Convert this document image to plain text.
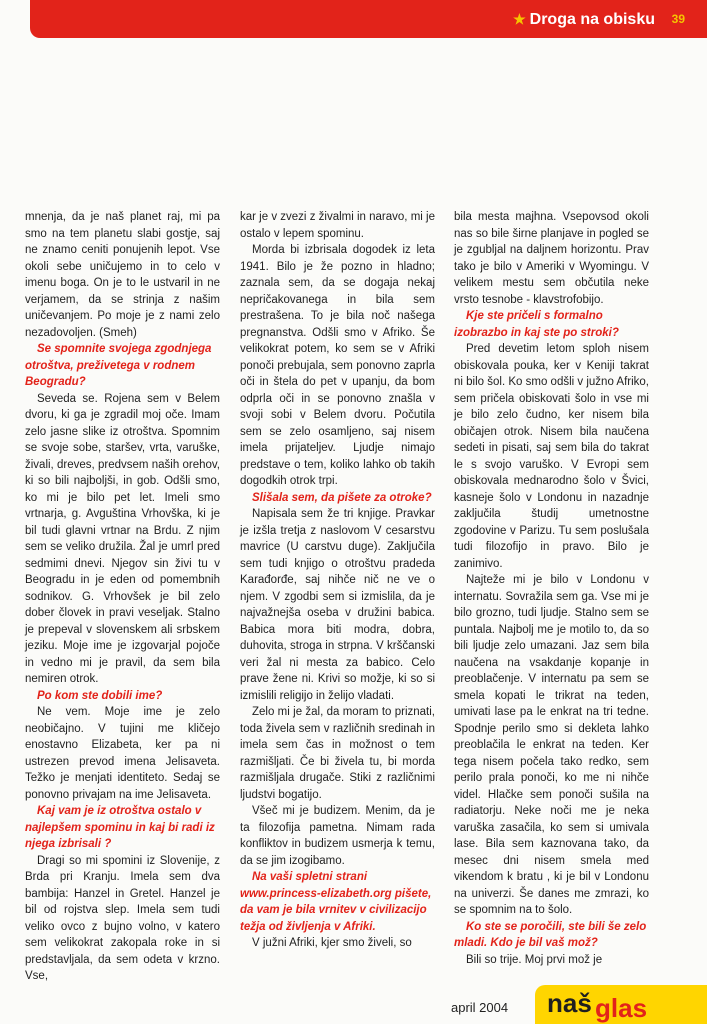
★ Droga na obisku 39

mnenja, da je naš planet raj, mi pa smo na tem planetu slabi gostje, saj ne znamo ceniti ponujenih lepot. Vse okoli sebe uničujemo in to celo v imenu boga. On je to le ustvaril in ne verjamem, da se strinja z našim uničevanjem. Po moje je z nami zelo nezadovoljen. (Smeh)

Se spomnite svojega zgodnjega otroštva, preživetega v rodnem Beogradu?

Seveda se. Rojena sem v Belem dvoru, ki ga je zgradil moj oče. Imam zelo jasne slike iz otroštva. Spomnim se svoje sobe, staršev, vrta, varuške, živali, dreves, predvsem naših orehov, ki so bili najboljši, in gob. Odšli smo, ko mi je bilo pet let. Imeli smo vrtnarja, g. Avguština Vrhovška, ki je bil tudi glavni vrtnar na Brdu. Z njim sem se veliko družila. Žal je umrl pred sedmimi dnevi. Njegov sin živi tu v Beogradu in je eden od pomembnih sodnikov. G. Vrhovšek je bil zelo dober človek in pravi veseljak. Stalno je prepeval v slovenskem ali srbskem jeziku. Moje ime je izgovarjal pojoče in vedno mi je pravil, da sem bila nemiren otrok.

Po kom ste dobili ime?

Ne vem. Moje ime je zelo neobičajno. V tujini me kličejo enostavno Elizabeta, ker pa ni ustrezen prevod imena Jelisaveta. Težko je menjati identiteto. Sedaj se ponovno privajam na ime Jelisaveta.

Kaj vam je iz otroštva ostalo v najlepšem spominu in kaj bi radi iz njega izbrisali ?

Dragi so mi spomini iz Slovenije, z Brda pri Kranju. Imela sem dva bambija: Hanzel in Gretel. Hanzel je bil od rojstva slep. Imela sem tudi veliko ovco z bujno volno, v katero sem velikokrat zakopala roke in si predstavljala, da sem odeta v krzno. Vse,

kar je v zvezi z živalmi in naravo, mi je ostalo v lepem spominu.

Morda bi izbrisala dogodek iz leta 1941. Bilo je že pozno in hladno; zaznala sem, da se dogaja nekaj nepričakovanega in bila sem prestrašena. To je bila noč našega pregnanstva. Odšli smo v Afriko. Še velikokrat potem, ko sem se v Afriki ponoči prebujala, sem ponovno zaprla oči in štela do pet v upanju, da bom odprla oči in se ponovno znašla v svoji sobi v Belem dvoru. Počutila sem se zelo osamljeno, saj nisem imela prijateljev. Ljudje nimajo predstave o tem, koliko lahko ob takih dogodkih otrok trpi.

Slišala sem, da pišete za otroke?

Napisala sem že tri knjige. Pravkar je izšla tretja z naslovom V cesarstvu mavrice (U carstvu duge). Zaključila sem tudi knjigo o otroštvu pradeda Karađorđe, saj nihče nič ne ve o njem. V zgodbi sem si izmislila, da je najvažnejša oseba v družini babica. Babica mora biti modra, dobra, duhovita, stroga in strpna. V krščanski veri žal ni mesta za babico. Celo prave žene ni. Krivi so možje, ki so si izmislili religijo in želijo vladati.

Zelo mi je žal, da moram to priznati, toda živela sem v različnih sredinah in imela sem čas in možnost o tem razmišljati. Če bi živela tu, bi morda razmišljala drugače. Stiki z različnimi ljudstvi bogatijo.

Všeč mi je budizem. Menim, da je ta filozofija pametna. Nimam rada konfliktov in budizem usmerja k temu, da se jim izogibamo.

Na vaši spletni strani www.princess-elizabeth.org pišete, da vam je bila vrnitev v civilizacijo težja od življenja v Afriki.

V južni Afriki, kjer smo živeli, so

bila mesta majhna. Vsepovsod okoli nas so bile širne planjave in pogled se je zgubljal na daljnem horizontu. Prav tako je bilo v Ameriki v Wyomingu. V velikem mestu sem občutila neke vrsto tesnobe - klavstrofobijo.

Kje ste pričeli s formalno izobrazbo in kaj ste po stroki?

Pred devetim letom sploh nisem obiskovala pouka, ker v Keniji takrat ni bilo šol. Ko smo odšli v južno Afriko, sem pričela obiskovati šolo in vse mi je bilo zelo čudno, ker nisem bila običajen otrok. Nisem bila naučena sedeti in pisati, saj sem bila do takrat le s svojo varuško. V Evropi sem obiskovala mednarodno šolo v Švici, kasneje šolo v Londonu in nazadnje zaključila študij umetnostne zgodovine v Parizu. Tu sem poslušala tudi filozofijo in pravo. Bilo je zanimivo.

Najteže mi je bilo v Londonu v internatu. Sovražila sem ga. Vse mi je bilo grozno, tudi ljudje. Stalno sem se puntala. Najbolj me je motilo to, da so bili ljudje zelo umazani. Jaz sem bila naučena na vsakdanje kopanje in preoblačenje. V internatu pa sem se smela kopati le trikrat na teden, umivati lase pa le enkrat na tri tedne. Spodnje perilo smo si dekleta lahko preoblačila le enkrat na teden. Ker tega nisem počela tako redko, sem perilo prala ponoči, ko me ni nihče videl. Hlačke sem ponoči sušila na radiatorju. Neke noči me je neka varuška zasačila, ko sem si umivala lase. Bila sem kaznovana tako, da mesec dni nisem smela med vikendom k bratu , ki je bil v Londonu na univerzi. Še danes me zmrazi, ko se spomnim na to šolo.

Ko ste se poročili, ste bili še zelo mladi. Kdo je bil vaš mož?

Bili so trije. Moj prvi mož je

april 2004 naš glas
